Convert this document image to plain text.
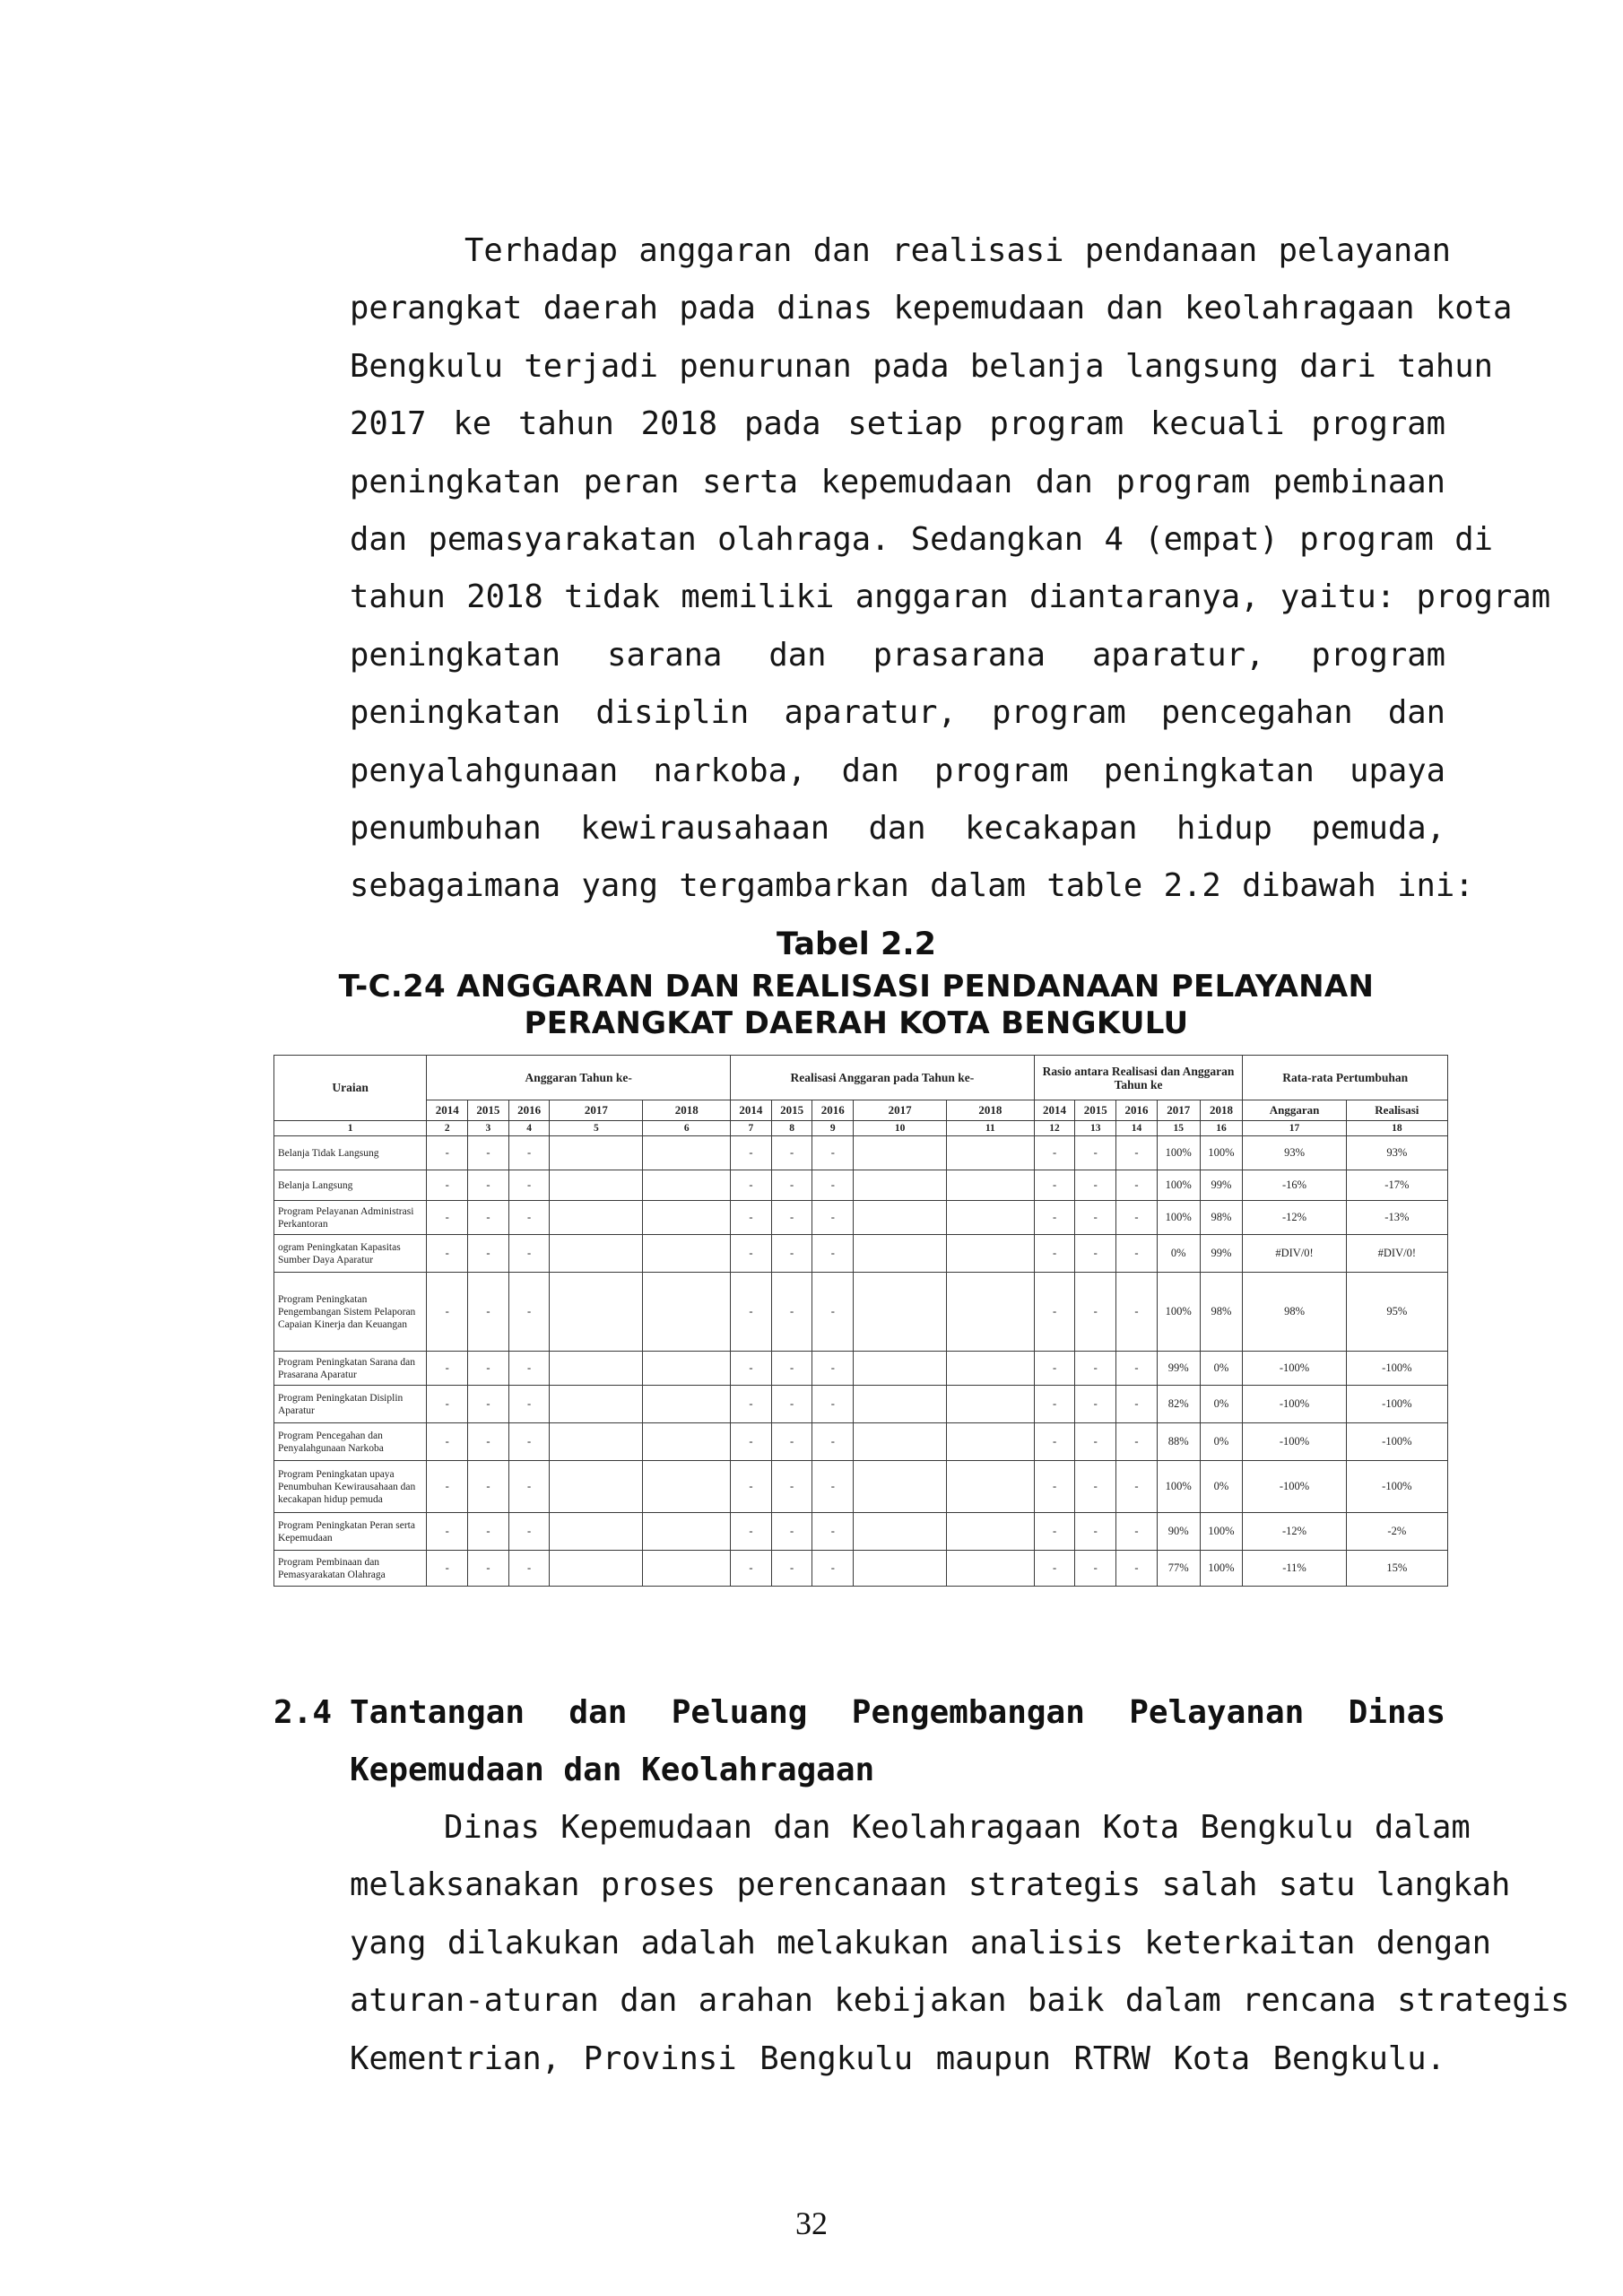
Terhadap anggaran dan realisasi pendanaan pelayanan
perangkat daerah pada dinas kepemudaan dan keolahragaan kota
Bengkulu terjadi penurunan pada belanja langsung dari tahun
2017 ke tahun 2018 pada setiap program kecuali program
peningkatan peran serta kepemudaan dan program pembinaan
dan pemasyarakatan olahraga. Sedangkan 4 (empat) program di
tahun 2018 tidak memiliki anggaran diantaranya, yaitu: program
peningkatan sarana dan prasarana aparatur, program
peningkatan disiplin aparatur, program pencegahan dan
penyalahgunaan narkoba, dan program peningkatan upaya
penumbuhan kewirausahaan dan kecakapan hidup pemuda,
sebagaimana yang tergambarkan dalam table 2.2 dibawah ini:
Tabel 2.2
T-C.24 ANGGARAN DAN REALISASI PENDANAAN PELAYANAN
PERANGKAT DAERAH KOTA BENGKULU
Uraian	Anggaran Tahun ke-					Realisasi Anggaran pada Tahun ke-					Rasio antara Realisasi dan Anggaran Tahun ke					Rata-rata Pertumbuhan	
	2014	2015	2016	2017	2018	2014	2015	2016	2017	2018	2014	2015	2016	2017	2018	Anggaran	Realisasi
1	2	3	4	5	6	7	8	9	10	11	12	13	14	15	16	17	18
Belanja Tidak Langsung	-	-	-			-	-	-			-	-	-	100%	100%	93%	93%
Belanja Langsung	-	-	-			-	-	-			-	-	-	100%	99%	-16%	-17%
Program Pelayanan Administrasi Perkantoran	-	-	-			-	-	-			-	-	-	100%	98%	-12%	-13%
ogram Peningkatan Kapasitas Sumber Daya Aparatur	-	-	-			-	-	-			-	-	-	0%	99%	#DIV/0!	#DIV/0!
Program Peningkatan Pengembangan Sistem Pelaporan Capaian Kinerja dan Keuangan	-	-	-			-	-	-			-	-	-	100%	98%	98%	95%
Program Peningkatan Sarana dan Prasarana Aparatur	-	-	-			-	-	-			-	-	-	99%	0%	-100%	-100%
Program Peningkatan Disiplin Aparatur	-	-	-			-	-	-			-	-	-	82%	0%	-100%	-100%
Program Pencegahan dan Penyalahgunaan Narkoba	-	-	-			-	-	-			-	-	-	88%	0%	-100%	-100%
Program Peningkatan upaya Penumbuhan Kewirausahaan dan kecakapan hidup pemuda	-	-	-			-	-	-			-	-	-	100%	0%	-100%	-100%
Program Peningkatan Peran serta Kepemudaan	-	-	-			-	-	-			-	-	-	90%	100%	-12%	-2%
Program Pembinaan dan Pemasyarakatan Olahraga	-	-	-			-	-	-			-	-	-	77%	100%	-11%	15%
2.4 Tantangan dan Peluang Pengembangan Pelayanan Dinas
Kepemudaan dan Keolahragaan
Dinas Kepemudaan dan Keolahragaan Kota Bengkulu dalam
melaksanakan proses perencanaan strategis salah satu langkah
yang dilakukan adalah melakukan analisis keterkaitan dengan
aturan-aturan dan arahan kebijakan baik dalam rencana strategis
Kementrian, Provinsi Bengkulu maupun RTRW Kota Bengkulu.
32
